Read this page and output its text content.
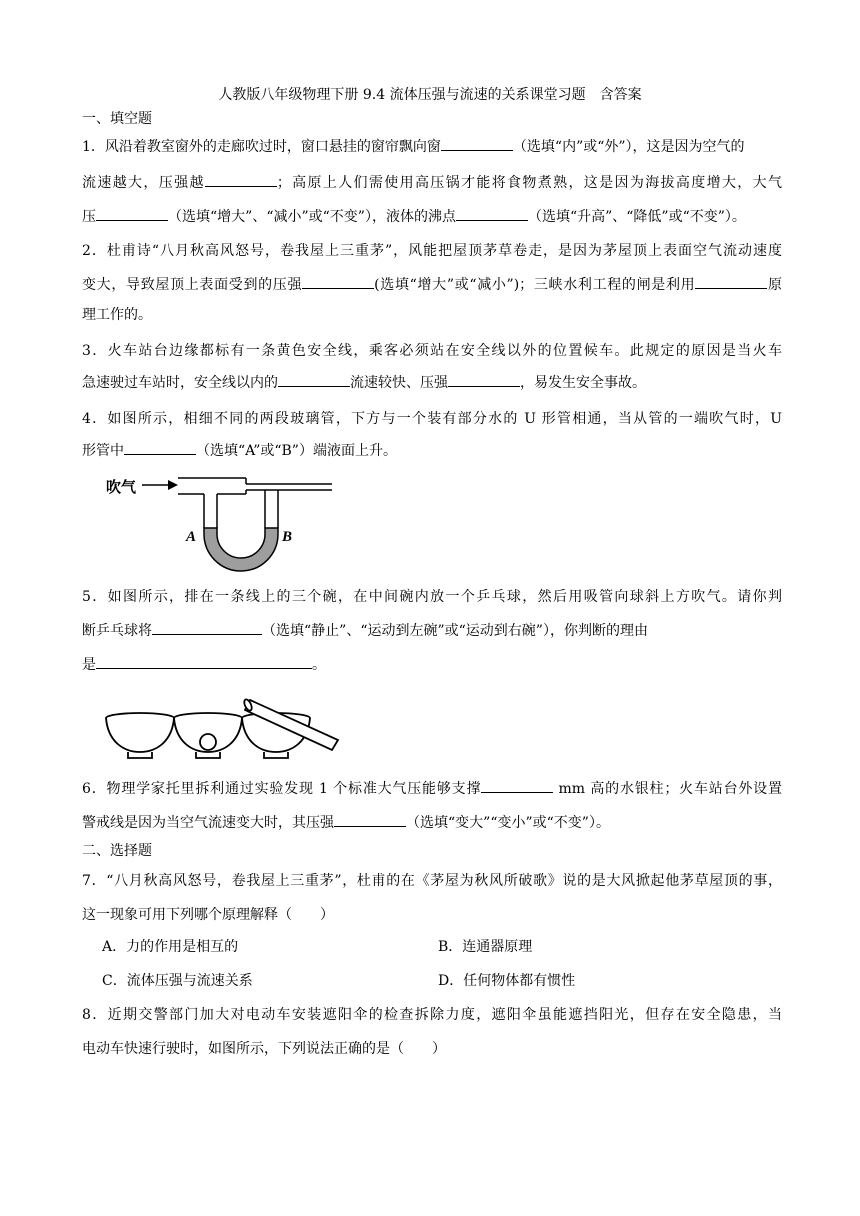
人教版八年级物理下册 9.4 流体压强与流速的关系课堂习题　含答案
一、填空题
1．风沿着教室窗外的走廊吹过时，窗口悬挂的窗帘飘向窗	（选填“内”或“外”），这是因为空气的
流速越大，压强越	；高原上人们需使用高压锅才能将食物煮熟，这是因为海拔高度增大，大气
压	（选填“增大”、“减小”或“不变”），液体的沸点	（选填“升高”、“降低”或“不变”）。
2．杜甫诗“八月秋高风怒号，卷我屋上三重茅”，风能把屋顶茅草卷走，是因为茅屋顶上表面空气流动速度
变大，导致屋顶上表面受到的压强	(选填“增大”或“减小”)；三峡水利工程的闸是利用	原
理工作的。
3．火车站台边缘都标有一条黄色安全线，乘客必须站在安全线以外的位置候车。此规定的原因是当火车
急速驶过车站时，安全线以内的	流速较快、压强	，易发生安全事故。
4．如图所示，相细不同的两段玻璃管，下方与一个装有部分水的 U 形管相通，当从管的一端吹气时，U
形管中	（选填“A”或“B”）端液面上升。
吹气
A	B
5．如图所示，排在一条线上的三个碗，在中间碗内放一个乒乓球，然后用吸管向球斜上方吹气。请你判
断乒乓球将	（选填“静止”、“运动到左碗”或“运动到右碗”），你判断的理由
是	。
6．物理学家托里拆利通过实验发现 1 个标准大气压能够支撑	mm 高的水银柱；火车站台外设置
警戒线是因为当空气流速变大时，其压强	（选填“变大”“变小”或“不变”）。
二、选择题
7．“八月秋高风怒号，卷我屋上三重茅”，杜甫的在《茅屋为秋风所破歌》说的是大风掀起他茅草屋顶的事，
这一现象可用下列哪个原理解释（　　）
A．力的作用是相互的	B．连通器原理
C．流体压强与流速关系	D．任何物体都有惯性
8．近期交警部门加大对电动车安装遮阳伞的检查拆除力度，遮阳伞虽能遮挡阳光，但存在安全隐患，当
电动车快速行驶时，如图所示，下列说法正确的是（　　）
